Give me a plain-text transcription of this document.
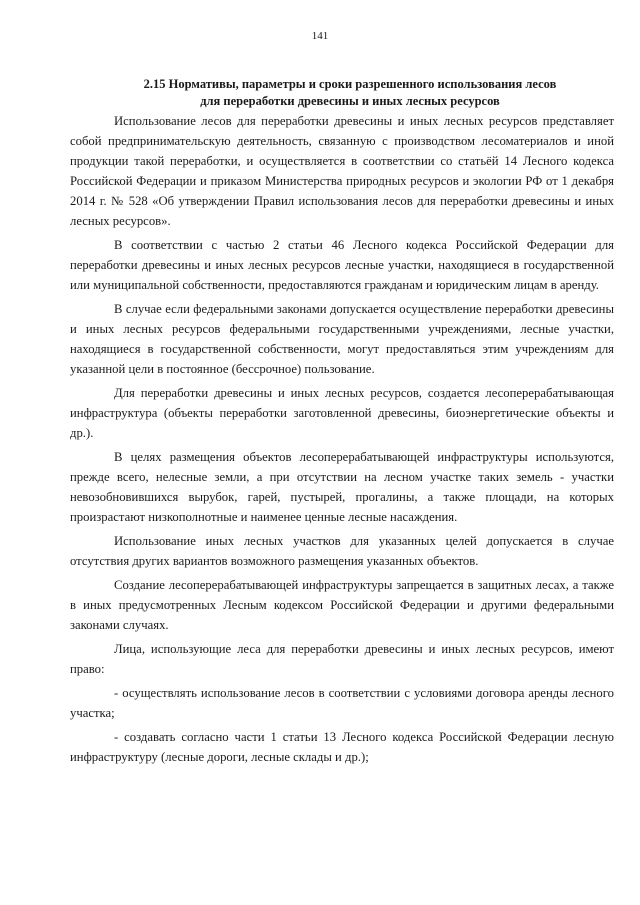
141
2.15 Нормативы, параметры и сроки разрешенного использования лесов
для переработки древесины и иных лесных ресурсов

Использование лесов для переработки древесины и иных лесных ресурсов представляет собой предпринимательскую деятельность, связанную с производством лесоматериалов и иной продукции такой переработки, и осуществляется в соответствии со статьёй 14 Лесного кодекса Российской Федерации и приказом Министерства природных ресурсов и экологии РФ от 1 декабря 2014 г. № 528 «Об утверждении Правил использования лесов для переработки древесины и иных лесных ресурсов».

В соответствии с частью 2 статьи 46 Лесного кодекса Российской Федерации для переработки древесины и иных лесных ресурсов лесные участки, находящиеся в государственной или муниципальной собственности, предоставляются гражданам и юридическим лицам в аренду.

В случае если федеральными законами допускается осуществление переработки древесины и иных лесных ресурсов федеральными государственными учреждениями, лесные участки, находящиеся в государственной собственности, могут предоставляться этим учреждениям для указанной цели в постоянное (бессрочное) пользование.

Для переработки древесины и иных лесных ресурсов, создается лесоперерабатывающая инфраструктура (объекты переработки заготовленной древесины, биоэнергетические объекты и др.).

В целях размещения объектов лесоперерабатывающей инфраструктуры используются, прежде всего, нелесные земли, а при отсутствии на лесном участке таких земель - участки невозобновившихся вырубок, гарей, пустырей, прогалины, а также площади, на которых произрастают низкополнотные и наименее ценные лесные насаждения.

Использование иных лесных участков для указанных целей допускается в случае отсутствия других вариантов возможного размещения указанных объектов.

Создание лесоперерабатывающей инфраструктуры запрещается в защитных лесах, а также в иных предусмотренных Лесным кодексом Российской Федерации и другими федеральными законами случаях.

Лица, использующие леса для переработки древесины и иных лесных ресурсов, имеют право:

- осуществлять использование лесов в соответствии с условиями договора аренды лесного участка;

- создавать согласно части 1 статьи 13 Лесного кодекса Российской Федерации лесную инфраструктуру (лесные дороги, лесные склады и др.);
